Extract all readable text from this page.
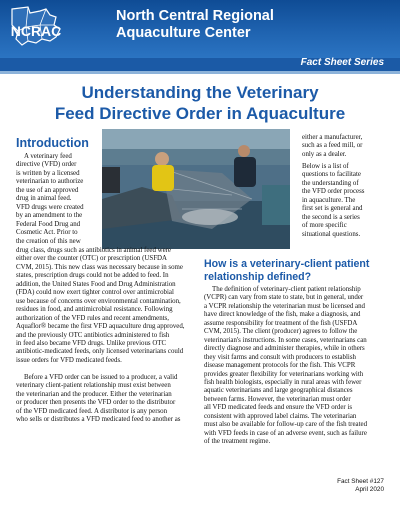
NCRAC
North Central Regional
Aquaculture Center
Fact Sheet Series
Understanding the Veterinary
Feed Directive Order in Aquaculture
Introduction
A veterinary feed
directive (VFD) order
is written by a licensed
veterinarian to authorize
the use of an approved
drug in animal feed.
VFD drugs were created
by an amendment to the
Federal Food Drug and
Cosmetic Act. Prior to
the creation of this new
either a manufacturer,
such as a feed mill, or
only as a dealer.
Below is a list of
questions to facilitate
the understanding of
the VFD order process
in aquaculture. The
first set is general and
the second is a series
of more specific
situational questions.
drug class, drugs such as antibiotics in animal feed were
either over the counter (OTC) or prescription (USFDA
CVM, 2015). This new class was necessary because in some
states, prescription drugs could not be added to feed. In
addition, the United States Food and Drug Administration
(FDA) could now exert tighter control over antimicrobial
use because of concerns over environmental contamination,
residues in food, and antimicrobial resistance. Following
authorization of the VFD rules and recent amendments,
Aquaflor® became the first VFD aquaculture drug approved,
and the previously OTC antibiotics administered to fish
in feed also became VFD drugs. Unlike previous OTC
antibiotic-medicated feeds, only licensed veterinarians could
issue orders for VFD medicated feeds.
Before a VFD order can be issued to a producer, a valid
veterinary client-patient relationship must exist between
the veterinarian and the producer. Either the veterinarian
or producer then presents the VFD order to the distributor
of the VFD medicated feed. A distributor is any person
who sells or distributes a VFD medicated feed to another as
How is a veterinary-client patient
relationship defined?
The definition of veterinary-client patient relationship
(VCPR) can vary from state to state, but in general, under
a VCPR relationship the veterinarian must be licensed and
have direct knowledge of the fish, make a diagnosis, and
assume responsibility for treatment of the fish (USFDA
CVM, 2015). The client (producer) agrees to follow the
veterinarian's instructions. In some cases, veterinarians can
directly diagnose and administer therapies, while in others
they visit farms and consult with producers to establish
disease management protocols for the fish. This VCPR
provides greater flexibility for veterinarians working with
fish health biologists, especially in rural areas with fewer
aquatic veterinarians and large geographical distances
between farms. However, the veterinarian must order
all VFD medicated feeds and ensure the VFD order is
consistent with approved label claims. The veterinarian
must also be available for follow-up care of the fish treated
with VFD feeds in case of an adverse event, such as failure
of the treatment regime.
Fact Sheet #127
April 2020
